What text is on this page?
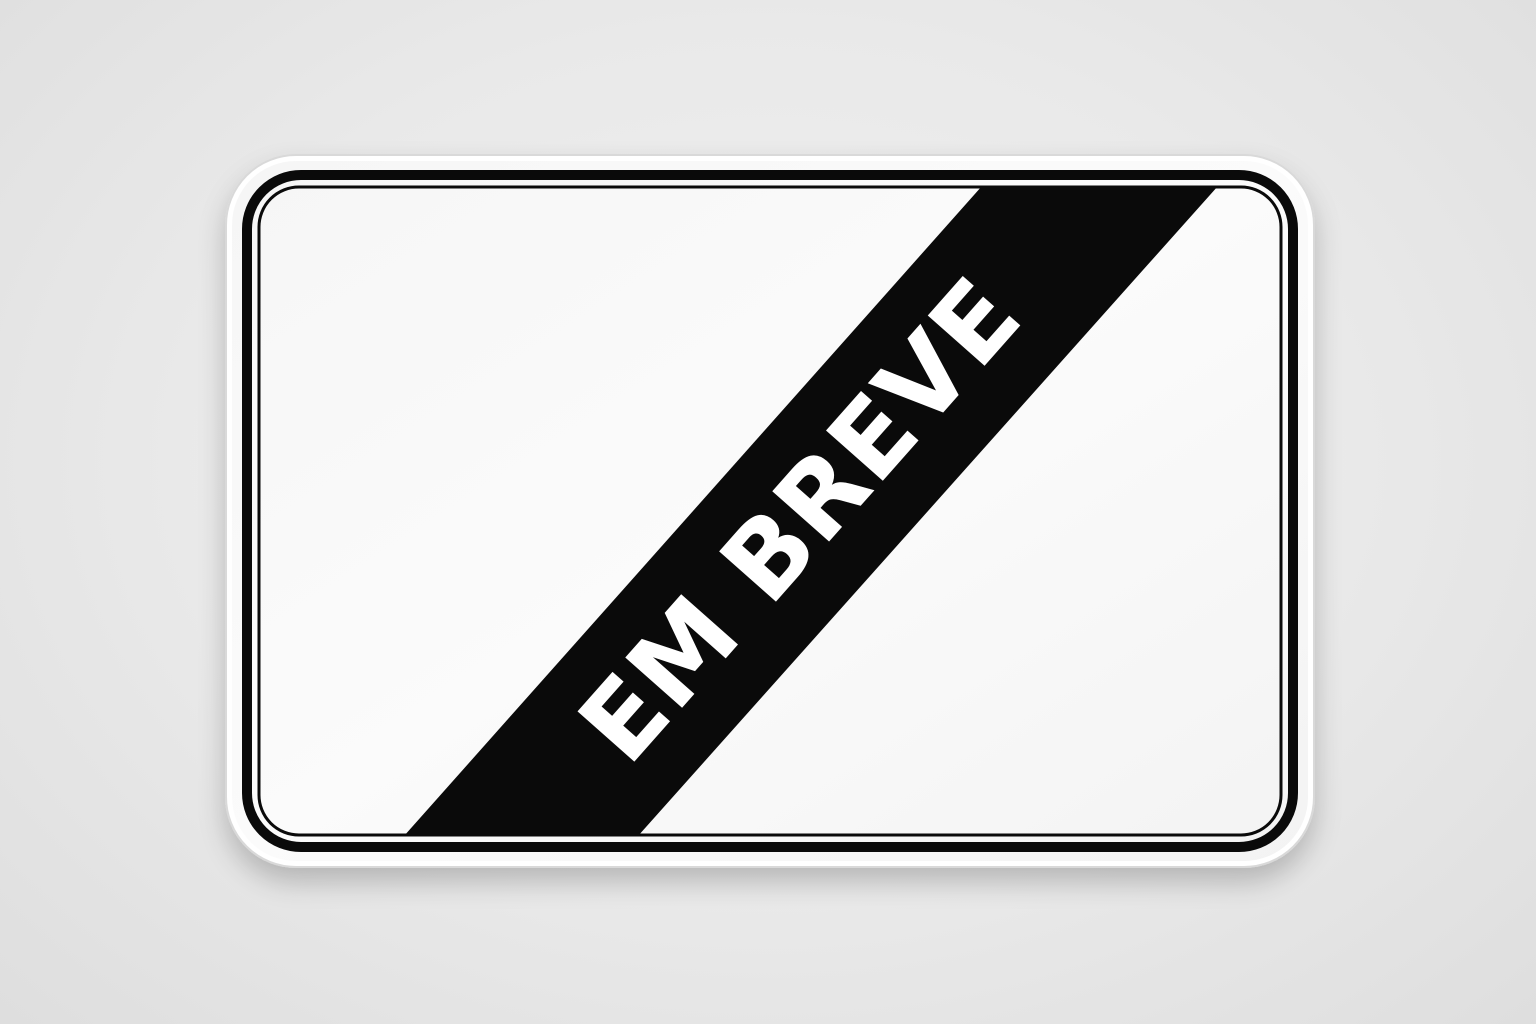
EM BREVE
